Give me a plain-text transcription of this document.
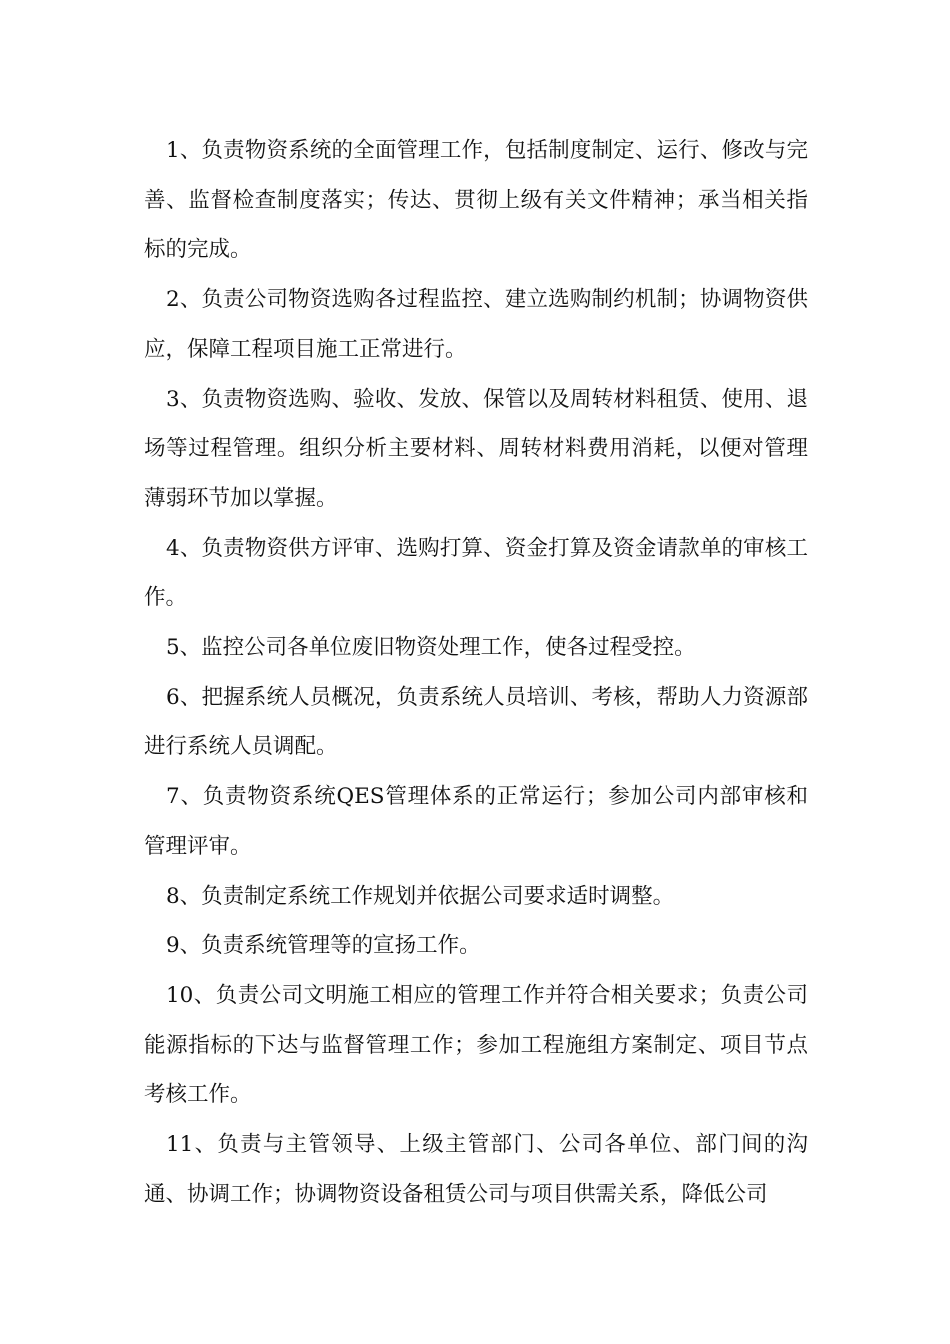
1、负责物资系统的全面管理工作，包括制度制定、运行、修改与完善、监督检查制度落实；传达、贯彻上级有关文件精神；承当相关指标的完成。

2、负责公司物资选购各过程监控、建立选购制约机制；协调物资供应，保障工程项目施工正常进行。

3、负责物资选购、验收、发放、保管以及周转材料租赁、使用、退场等过程管理。组织分析主要材料、周转材料费用消耗，以便对管理薄弱环节加以掌握。

4、负责物资供方评审、选购打算、资金打算及资金请款单的审核工作。

5、监控公司各单位废旧物资处理工作，使各过程受控。

6、把握系统人员概况，负责系统人员培训、考核，帮助人力资源部进行系统人员调配。

7、负责物资系统QES管理体系的正常运行；参加公司内部审核和管理评审。

8、负责制定系统工作规划并依据公司要求适时调整。

9、负责系统管理等的宣扬工作。

10、负责公司文明施工相应的管理工作并符合相关要求；负责公司能源指标的下达与监督管理工作；参加工程施组方案制定、项目节点考核工作。

11、负责与主管领导、上级主管部门、公司各单位、部门间的沟通、协调工作；协调物资设备租赁公司与项目供需关系，降低公司
